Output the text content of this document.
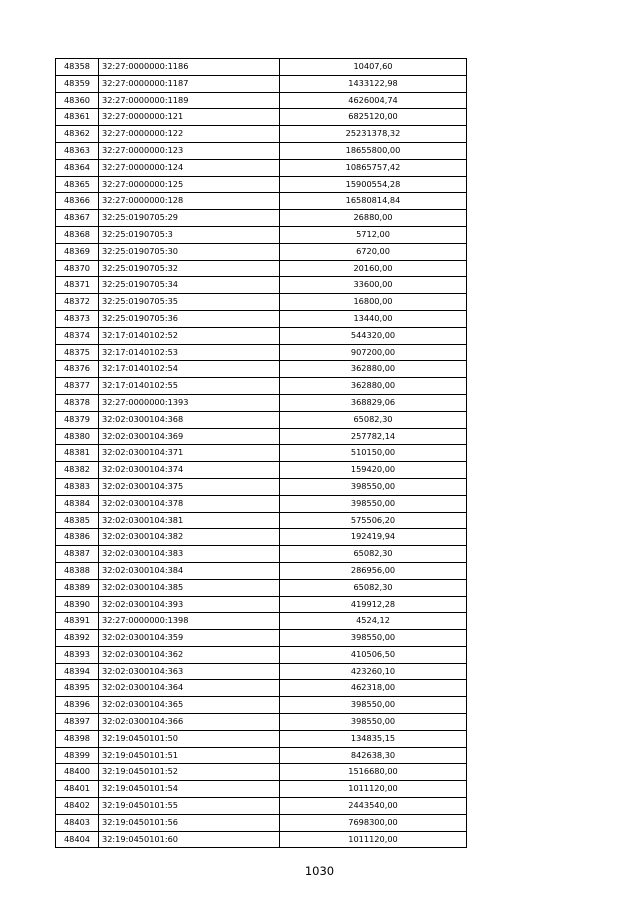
48358	32:27:0000000:1186	10407,60
48359	32:27:0000000:1187	1433122,98
48360	32:27:0000000:1189	4626004,74
48361	32:27:0000000:121	6825120,00
48362	32:27:0000000:122	25231378,32
48363	32:27:0000000:123	18655800,00
48364	32:27:0000000:124	10865757,42
48365	32:27:0000000:125	15900554,28
48366	32:27:0000000:128	16580814,84
48367	32:25:0190705:29	26880,00
48368	32:25:0190705:3	5712,00
48369	32:25:0190705:30	6720,00
48370	32:25:0190705:32	20160,00
48371	32:25:0190705:34	33600,00
48372	32:25:0190705:35	16800,00
48373	32:25:0190705:36	13440,00
48374	32:17:0140102:52	544320,00
48375	32:17:0140102:53	907200,00
48376	32:17:0140102:54	362880,00
48377	32:17:0140102:55	362880,00
48378	32:27:0000000:1393	368829,06
48379	32:02:0300104:368	65082,30
48380	32:02:0300104:369	257782,14
48381	32:02:0300104:371	510150,00
48382	32:02:0300104:374	159420,00
48383	32:02:0300104:375	398550,00
48384	32:02:0300104:378	398550,00
48385	32:02:0300104:381	575506,20
48386	32:02:0300104:382	192419,94
48387	32:02:0300104:383	65082,30
48388	32:02:0300104:384	286956,00
48389	32:02:0300104:385	65082,30
48390	32:02:0300104:393	419912,28
48391	32:27:0000000:1398	4524,12
48392	32:02:0300104:359	398550,00
48393	32:02:0300104:362	410506,50
48394	32:02:0300104:363	423260,10
48395	32:02:0300104:364	462318,00
48396	32:02:0300104:365	398550,00
48397	32:02:0300104:366	398550,00
48398	32:19:0450101:50	134835,15
48399	32:19:0450101:51	842638,30
48400	32:19:0450101:52	1516680,00
48401	32:19:0450101:54	1011120,00
48402	32:19:0450101:55	2443540,00
48403	32:19:0450101:56	7698300,00
48404	32:19:0450101:60	1011120,00
1030
